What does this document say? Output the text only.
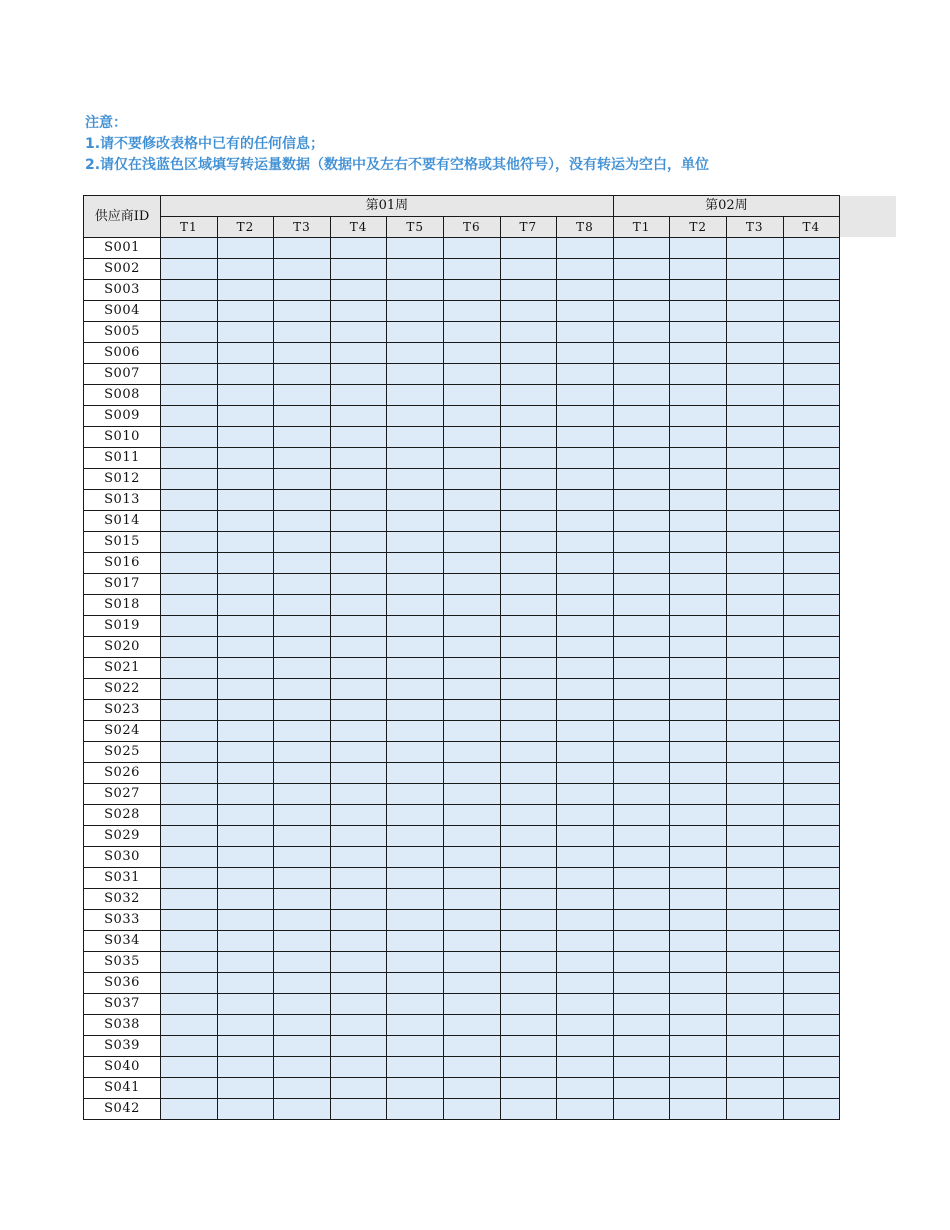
注意：
1.请不要修改表格中已有的任何信息；
2.请仅在浅蓝色区域填写转运量数据（数据中及左右不要有空格或其他符号），没有转运为空白，单位
供应商ID	第01周								第02周			
	T1	T2	T3	T4	T5	T6	T7	T8	T1	T2	T3	T4
S001												
S002												
S003												
S004												
S005												
S006												
S007												
S008												
S009												
S010												
S011												
S012												
S013												
S014												
S015												
S016												
S017												
S018												
S019												
S020												
S021												
S022												
S023												
S024												
S025												
S026												
S027												
S028												
S029												
S030												
S031												
S032												
S033												
S034												
S035												
S036												
S037												
S038												
S039												
S040												
S041												
S042												
